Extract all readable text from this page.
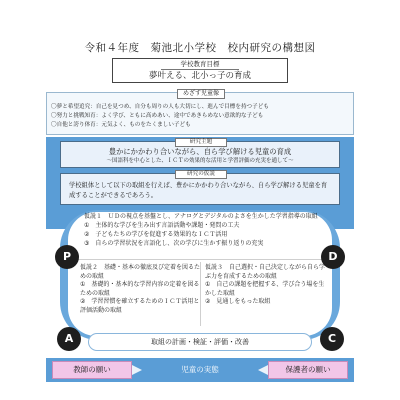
令和４年度　菊池北小学校　校内研究の構想図
学校教育目標
夢叶える、北小っ子の育成
めざす児童像
〇夢と希望追究：自己を見つめ、自分も周りの人も大切にし、進んで目標を持つ子ども
〇努力と挑戦知育：よく学び、ともに高めあい、途中であきらめない意欲的な子ども
〇自他と誇り体育：元気よく、ものをたくましい子ども
研究主題
豊かにかかわり合いながら、自ら学び解ける児童の育成
～国語科を中心とした、ＩＣＴの効果的な活用と学習評価の充実を通して～
研究の仮説
学校組体として以下の取組を行えば、豊かにかかわり合いながら、自ら学び解ける児童を育成することができるであろう。
仮説１　ＵＤの視点を基盤とし、アナログとデジタルのよさを生かした学習指導の取組
①　主体的な学びを生み出す言語活動や課題・発問の工夫
②　子どもたちの学びを促進する効果的なＩＣＴ活用
③　自らの学習状況を言語化し、次の学びに生かす振り返りの充実
仮説２　基礎・基本の徹底及び定着を図るための取組
①　基礎的・基本的な学習内容の定着を図るための取組
②　学習習慣を確立するためのＩＣＴ活用と評価活動の取組
仮説３　自己選択・自己決定しながら自ら学ぶ力を育成するための取組
①　自己の課題を把握する、学び合う場を生かした取組
②　見通しをもった取組
P	D
A	C
取組の計画・検証・評価・改善
教師の願い	児童の実態	保護者の願い
